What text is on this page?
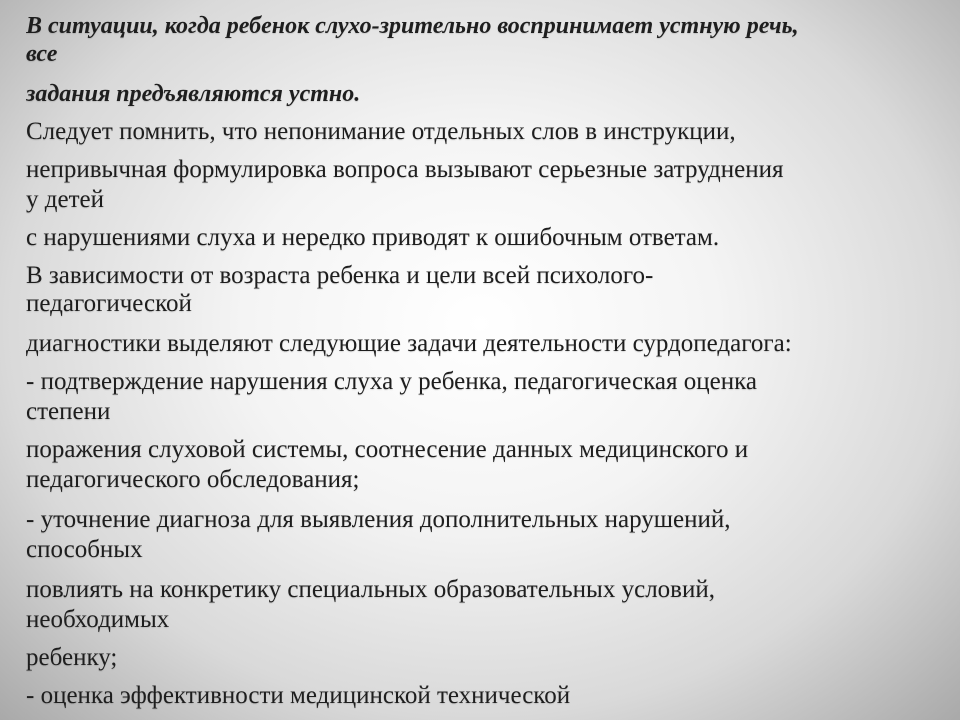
В ситуации, когда ребенок слухо-зрительно воспринимает устную речь,

все

задания предъявляются устно.

Следует помнить, что непонимание отдельных слов в инструкции,

непривычная формулировка вопроса вызывают серьезные затруднения

у детей

с нарушениями слуха и нередко приводят к ошибочным ответам.

В зависимости от возраста ребенка и цели всей психолого-

педагогической

диагностики выделяют следующие задачи деятельности сурдопедагога:

- подтверждение нарушения слуха у ребенка, педагогическая оценка

степени

поражения слуховой системы, соотнесение данных медицинского и

педагогического обследования;

- уточнение диагноза для выявления дополнительных нарушений,

способных

повлиять на конкретику специальных образовательных условий,

необходимых

ребенку;

- оценка эффективности медицинской технической
